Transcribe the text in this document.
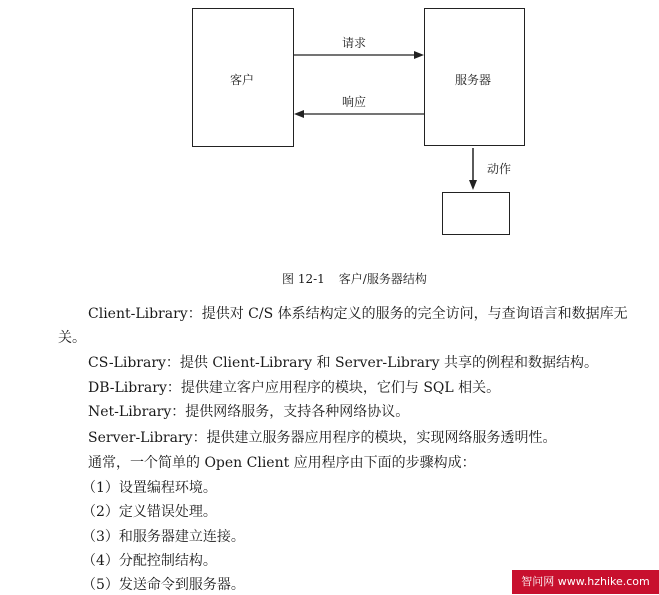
客户	服务器
请求
响应
动作
图 12-1 客户/服务器结构
Client-Library：提供对 C/S 体系结构定义的服务的完全访问，与查询语言和数据库无
关。
CS-Library：提供 Client-Library 和 Server-Library 共享的例程和数据结构。
DB-Library：提供建立客户应用程序的模块，它们与 SQL 相关。
Net-Library：提供网络服务，支持各种网络协议。
Server-Library：提供建立服务器应用程序的模块，实现网络服务透明性。
通常，一个简单的 Open Client 应用程序由下面的步骤构成：
（1）设置编程环境。
（2）定义错误处理。
（3）和服务器建立连接。
（4）分配控制结构。
（5）发送命令到服务器。	智问网 www.hzhike.com
